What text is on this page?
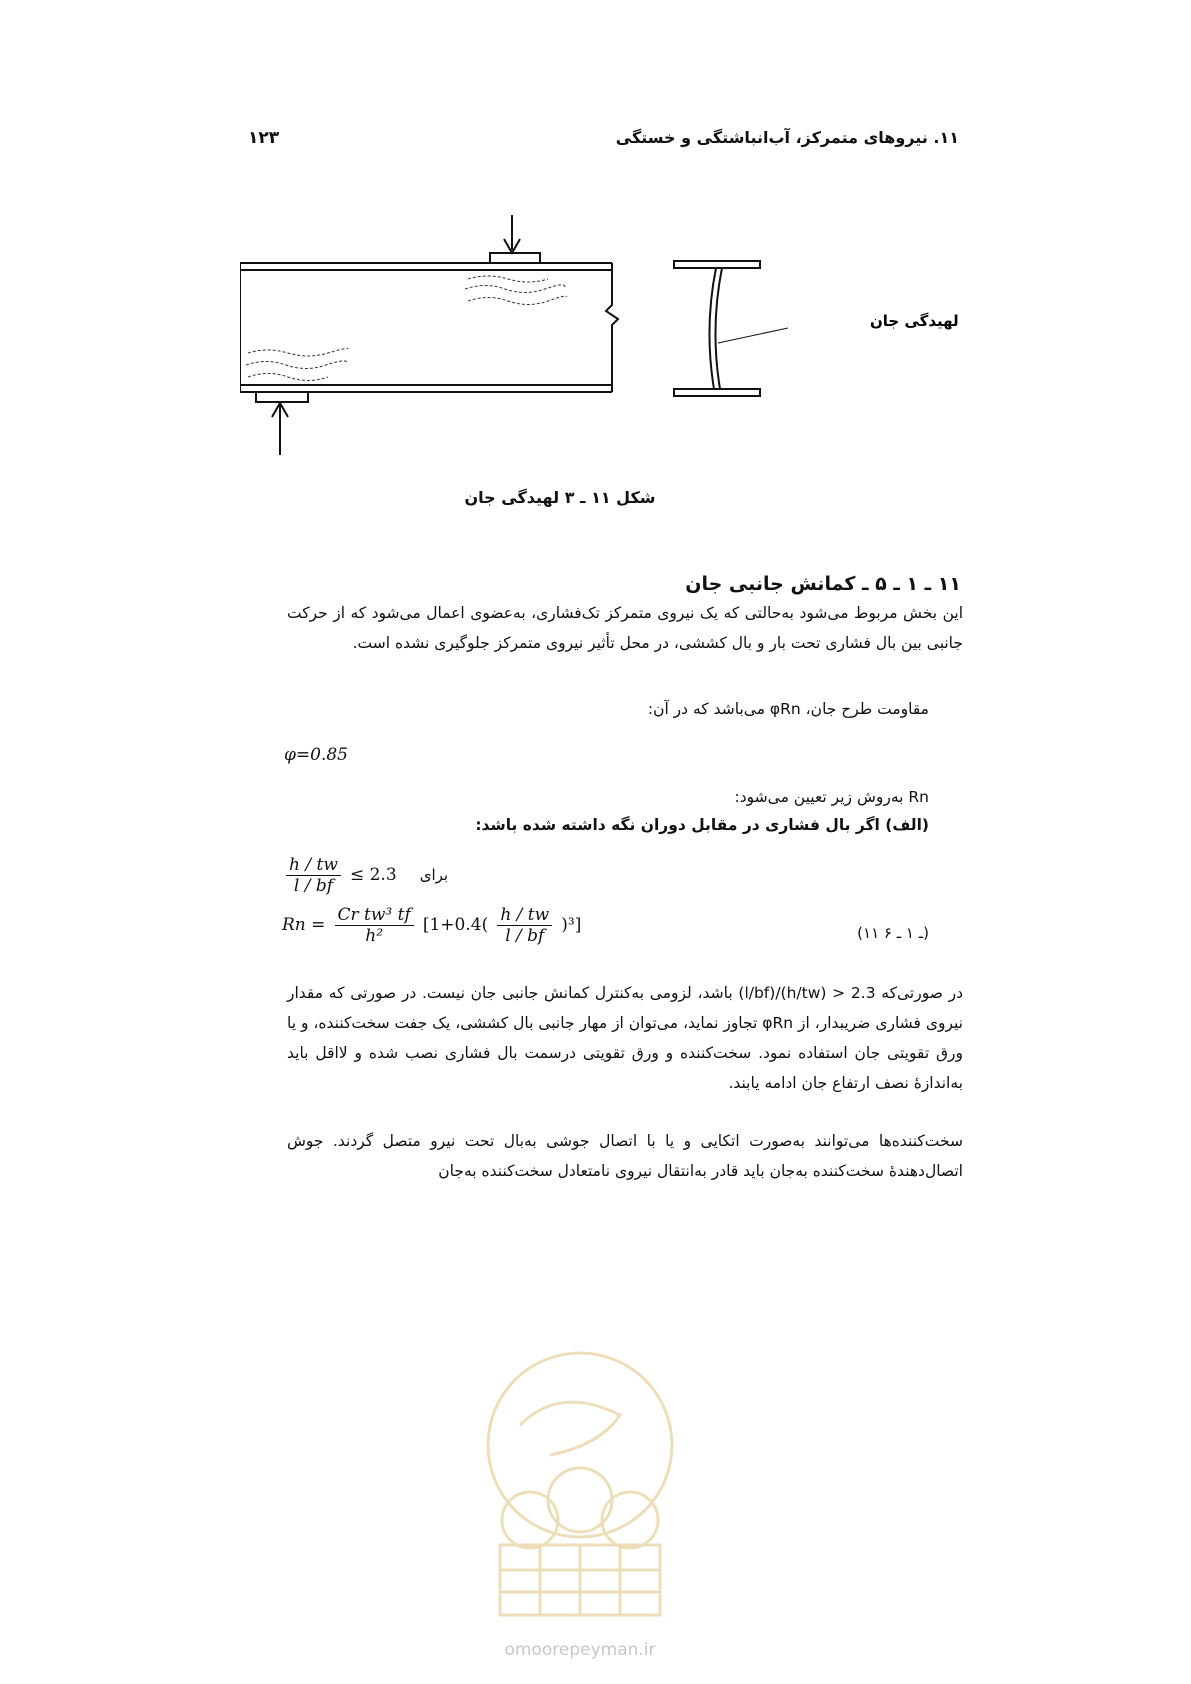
۱۲۳	۱۱. نیروهای متمرکز، آب‌انباشتگی و خستگی
لهیدگی جان
شکل ۱۱ ـ ۳ لهیدگی جان
۱۱ ـ ۱ ـ ۵ ـ کمانش جانبی جان
این بخش مربوط می‌شود به‌حالتی که یک نیروی متمرکز تک‌فشاری، به‌عضوی اعمال می‌شود که از حرکت جانبی بین بال فشاری تحت بار و بال کششی، در محل تأثیر نیروی متمرکز جلوگیری نشده است.
مقاومت طرح جان، φRn می‌باشد که در آن:
φ=0.85
Rn به‌روش زیر تعیین می‌شود:
(الف) اگر بال فشاری در مقابل دوران نگه داشته شده باشد:
$\frac{h / tw}{l / bf} \le 2.3$ برای
$Rn = \frac{\text{Cr tw³ tf}}{\text{h²}} [1+0.4( \frac{h / tw}{l / bf} )^3]$	(۱۱ ـ ۱ ـ ۶)
در صورتی‌که 2.3 < (h/tw)/(l/bf) باشد، لزومی به‌کنترل کمانش جانبی جان نیست. در صورتی که مقدار نیروی فشاری ضریبدار، از φRn تجاوز نماید، می‌توان از مهار جانبی بال کششی، یک جفت سخت‌کننده، و یا ورق تقویتی جان استفاده نمود. سخت‌کننده و ورق تقویتی درسمت بال فشاری نصب شده و لااقل باید به‌اندازهٔ نصف ارتفاع جان ادامه یابند.
سخت‌کننده‌ها می‌توانند به‌صورت اتکایی و یا با اتصال جوشی به‌بال تحت نیرو متصل گردند. جوش اتصال‌دهندهٔ سخت‌کننده به‌جان باید قادر به‌انتقال نیروی نامتعادل سخت‌کننده به‌جان
omoorepeyman.ir
